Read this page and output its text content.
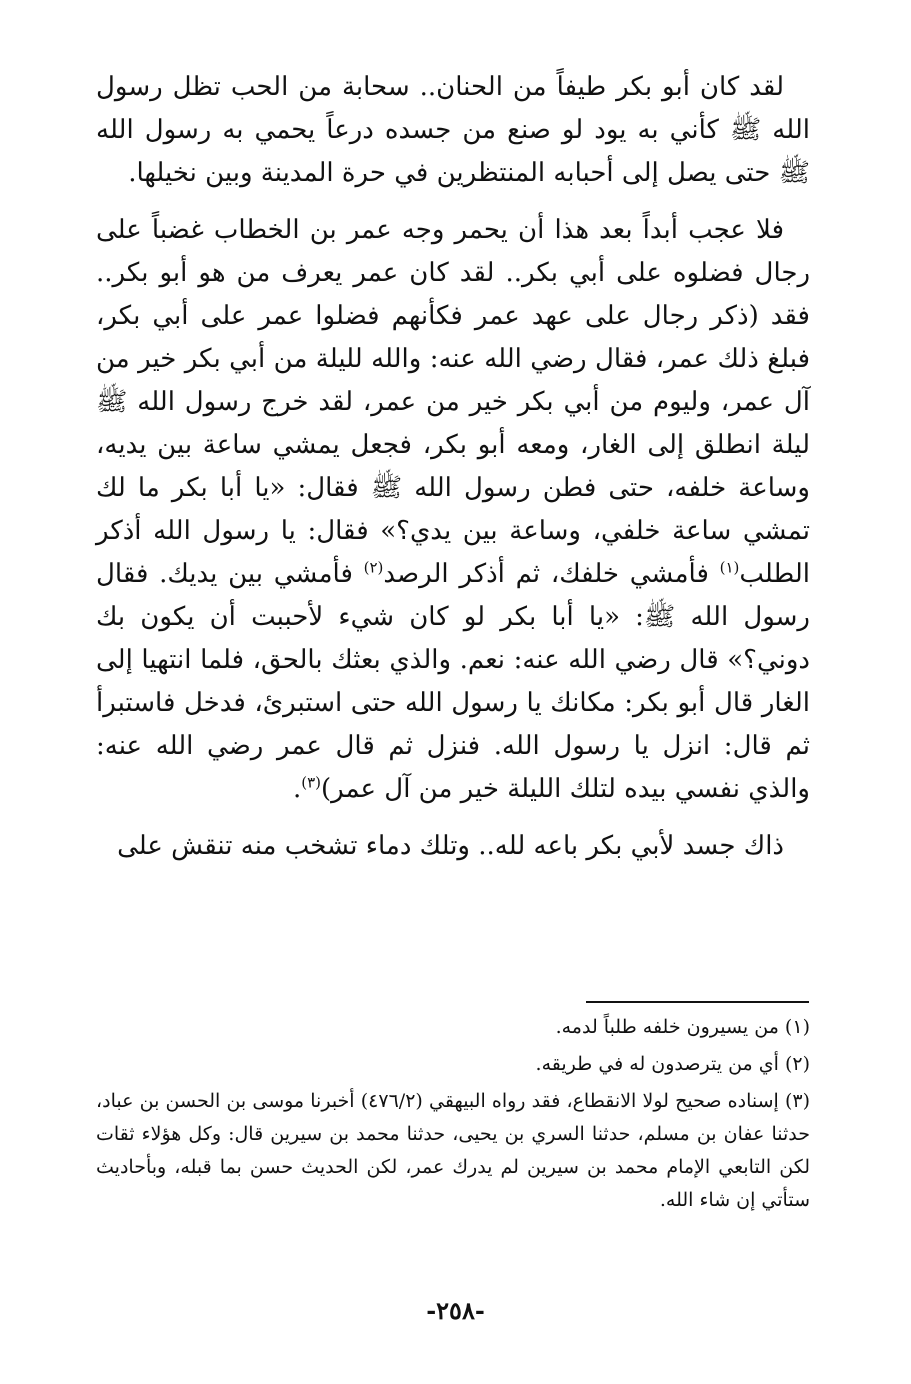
لقد كان أبو بكر طيفاً من الحنان.. سحابة من الحب تظل رسول الله ﷺ كأني به يود لو صنع من جسده درعاً يحمي به رسول الله ﷺ حتى يصل إلى أحبابه المنتظرين في حرة المدينة وبين نخيلها.

فلا عجب أبداً بعد هذا أن يحمر وجه عمر بن الخطاب غضباً على رجال فضلوه على أبي بكر.. لقد كان عمر يعرف من هو أبو بكر.. فقد (ذكر رجال على عهد عمر فكأنهم فضلوا عمر على أبي بكر، فبلغ ذلك عمر، فقال رضي الله عنه: والله لليلة من أبي بكر خير من آل عمر، وليوم من أبي بكر خير من عمر، لقد خرج رسول الله ﷺ ليلة انطلق إلى الغار، ومعه أبو بكر، فجعل يمشي ساعة بين يديه، وساعة خلفه، حتى فطن رسول الله ﷺ فقال: «يا أبا بكر ما لك تمشي ساعة خلفي، وساعة بين يدي؟» فقال: يا رسول الله أذكر الطلب$^{(١)}$ فأمشي خلفك، ثم أذكر الرصد$^{(٢)}$ فأمشي بين يديك. فقال رسول الله ﷺ: «يا أبا بكر لو كان شيء لأحببت أن يكون بك دوني؟» قال رضي الله عنه: نعم. والذي بعثك بالحق، فلما انتهيا إلى الغار قال أبو بكر: مكانك يا رسول الله حتى استبرئ، فدخل فاستبرأ ثم قال: انزل يا رسول الله. فنزل ثم قال عمر رضي الله عنه: والذي نفسي بيده لتلك الليلة خير من آل عمر)$^{(٣)}$.

ذاك جسد لأبي بكر باعه لله.. وتلك دماء تشخب منه تنقش على

(١) من يسيرون خلفه طلباً لدمه.

(٢) أي من يترصدون له في طريقه.

(٣) إسناده صحيح لولا الانقطاع، فقد رواه البيهقي (٤٧٦/٢) أخبرنا موسى بن الحسن بن عباد، حدثنا عفان بن مسلم، حدثنا السري بن يحيى، حدثنا محمد بن سيرين قال: وكل هؤلاء ثقات لكن التابعي الإمام محمد بن سيرين لم يدرك عمر، لكن الحديث حسن بما قبله، وبأحاديث ستأتي إن شاء الله.

-٢٥٨-
